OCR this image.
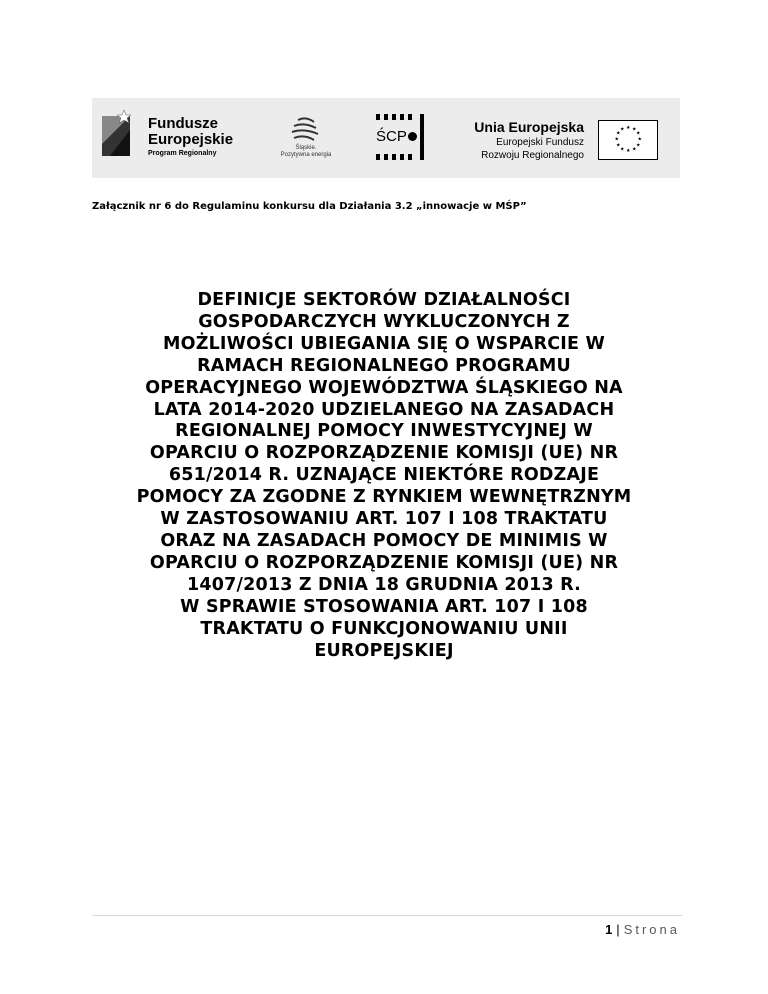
Fundusze
Europejskie
Program Regionalny
Śląskie.
Pozytywna energia
ŚCP
Unia Europejska
Europejski Fundusz
Rozwoju Regionalnego
★ ★
★
★
★
★
★
★
★
★
★
★
Załącznik nr 6 do Regulaminu konkursu dla Działania 3.2 „innowacje w MŚP”
DEFINICJE SEKTORÓW DZIAŁALNOŚCI
GOSPODARCZYCH WYKLUCZONYCH Z
MOŻLIWOŚCI UBIEGANIA SIĘ O WSPARCIE W
RAMACH REGIONALNEGO PROGRAMU
OPERACYJNEGO WOJEWÓDZTWA ŚLĄSKIEGO NA
LATA 2014-2020 UDZIELANEGO NA ZASADACH
REGIONALNEJ POMOCY INWESTYCYJNEJ W
OPARCIU O ROZPORZĄDZENIE KOMISJI (UE) NR
651/2014 R. UZNAJĄCE NIEKTÓRE RODZAJE
POMOCY ZA ZGODNE Z RYNKIEM WEWNĘTRZNYM
W ZASTOSOWANIU ART. 107 I 108 TRAKTATU
ORAZ NA ZASADACH POMOCY DE MINIMIS W
OPARCIU O ROZPORZĄDZENIE KOMISJI (UE) NR
1407/2013 Z DNIA 18 GRUDNIA 2013 R.
W SPRAWIE STOSOWANIA ART. 107 I 108
TRAKTATU O FUNKCJONOWANIU UNII
EUROPEJSKIEJ
1 | Strona
